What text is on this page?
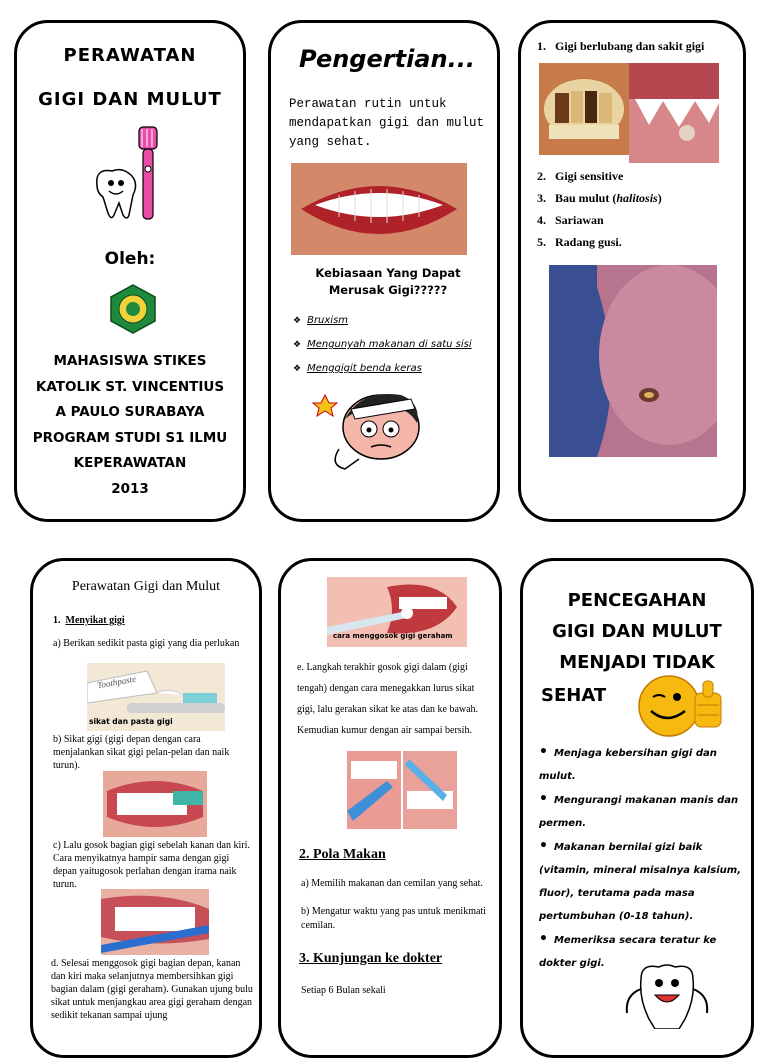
PERAWATAN
GIGI DAN MULUT
Oleh:
MAHASISWA STIKES
KATOLIK ST. VINCENTIUS
A PAULO SURABAYA
PROGRAM STUDI S1 ILMU
KEPERAWATAN
2013
Pengertian...
Perawatan rutin untuk mendapatkan gigi dan mulut yang sehat.
Kebiasaan Yang Dapat Merusak Gigi?????
❖ Bruxism
❖ Mengunyah makanan di satu sisi
❖ Menggigit benda keras
1. Gigi berlubang dan sakit gigi
2. Gigi sensitive
3. Bau mulut (halitosis)
4. Sariawan
5. Radang gusi.
Perawatan Gigi dan Mulut
1. Menyikat gigi
a) Berikan sedikit pasta gigi yang dia perlukan
Toothpaste
sikat dan pasta gigi
b) Sikat gigi (gigi depan dengan cara menjalankan sikat gigi pelan-pelan dan naik turun).
c) Lalu gosok bagian gigi sebelah kanan dan kiri. Cara menyikatnya hampir sama dengan gigi depan yaitugosok perlahan dengan irama naik turun.
d. Selesai menggosok gigi bagian depan, kanan dan kiri maka selanjutnya membersihkan gigi bagian dalam (gigi geraham). Gunakan ujung bulu sikat untuk menjangkau area gigi geraham dengan sedikit tekanan sampai ujung
cara menggosok gigi geraham
e. Langkah terakhir gosok gigi dalam (gigi tengah) dengan cara menegakkan lurus sikat gigi, lalu gerakan sikat ke atas dan ke bawah. Kemudian kumur dengan air sampai bersih.
2. Pola Makan
a) Memilih makanan dan cemilan yang sehat.
b) Mengatur waktu yang pas untuk menikmati cemilan.
3. Kunjungan ke dokter
Setiap 6 Bulan sekali
PENCEGAHAN
GIGI DAN MULUT
MENJADI TIDAK
SEHAT
• Menjaga kebersihan gigi dan mulut.
• Mengurangi makanan manis dan permen.
• Makanan bernilai gizi baik (vitamin, mineral misalnya kalsium, fluor), terutama pada masa pertumbuhan (0-18 tahun).
• Memeriksa secara teratur ke dokter gigi.
